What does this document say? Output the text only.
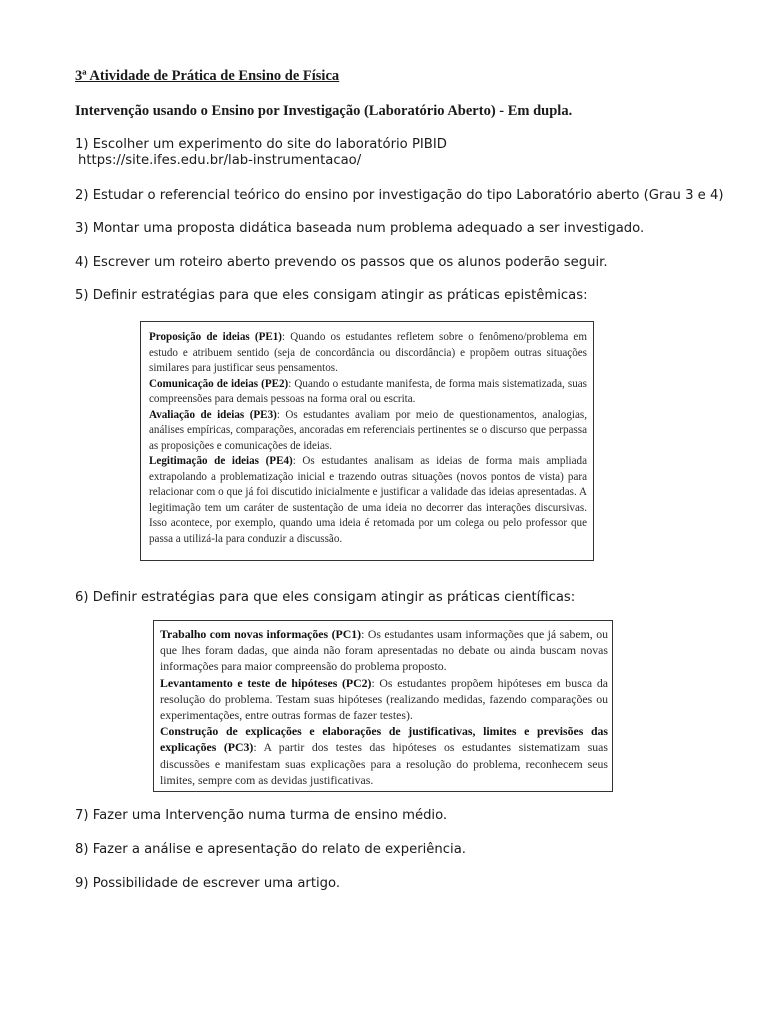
3ª Atividade de Prática de Ensino de Física
Intervenção usando o Ensino por Investigação (Laboratório Aberto) - Em dupla.

1) Escolher um experimento do site do laboratório PIBID

https://site.ifes.edu.br/lab-instrumentacao/

2) Estudar o referencial teórico do ensino por investigação do tipo Laboratório aberto (Grau 3 e 4)

3) Montar uma proposta didática baseada num problema adequado a ser investigado.

4) Escrever um roteiro aberto prevendo os passos que os alunos poderão seguir.

5) Definir estratégias para que eles consigam atingir as práticas epistêmicas:

Proposição de ideias (PE1): Quando os estudantes refletem sobre o fenômeno/problema em estudo e atribuem sentido (seja de concordância ou discordância) e propõem outras situações similares para justificar seus pensamentos.

Comunicação de ideias (PE2): Quando o estudante manifesta, de forma mais sistematizada, suas compreensões para demais pessoas na forma oral ou escrita.

Avaliação de ideias (PE3): Os estudantes avaliam por meio de questionamentos, analogias, análises empíricas, comparações, ancoradas em referenciais pertinentes se o discurso que perpassa as proposições e comunicações de ideias.

Legitimação de ideias (PE4): Os estudantes analisam as ideias de forma mais ampliada extrapolando a problematização inicial e trazendo outras situações (novos pontos de vista) para relacionar com o que já foi discutido inicialmente e justificar a validade das ideias apresentadas. A legitimação tem um caráter de sustentação de uma ideia no decorrer das interações discursivas. Isso acontece, por exemplo, quando uma ideia é retomada por um colega ou pelo professor que passa a utilizá-la para conduzir a discussão.

6) Definir estratégias para que eles consigam atingir as práticas científicas:

Trabalho com novas informações (PC1): Os estudantes usam informações que já sabem, ou que lhes foram dadas, que ainda não foram apresentadas no debate ou ainda buscam novas informações para maior compreensão do problema proposto.

Levantamento e teste de hipóteses (PC2): Os estudantes propõem hipóteses em busca da resolução do problema. Testam suas hipóteses (realizando medidas, fazendo comparações ou experimentações, entre outras formas de fazer testes).

Construção de explicações e elaborações de justificativas, limites e previsões das explicações (PC3): A partir dos testes das hipóteses os estudantes sistematizam suas discussões e manifestam suas explicações para a resolução do problema, reconhecem seus limites, sempre com as devidas justificativas.

7) Fazer uma Intervenção numa turma de ensino médio.

8) Fazer a análise e apresentação do relato de experiência.

9) Possibilidade de escrever uma artigo.
